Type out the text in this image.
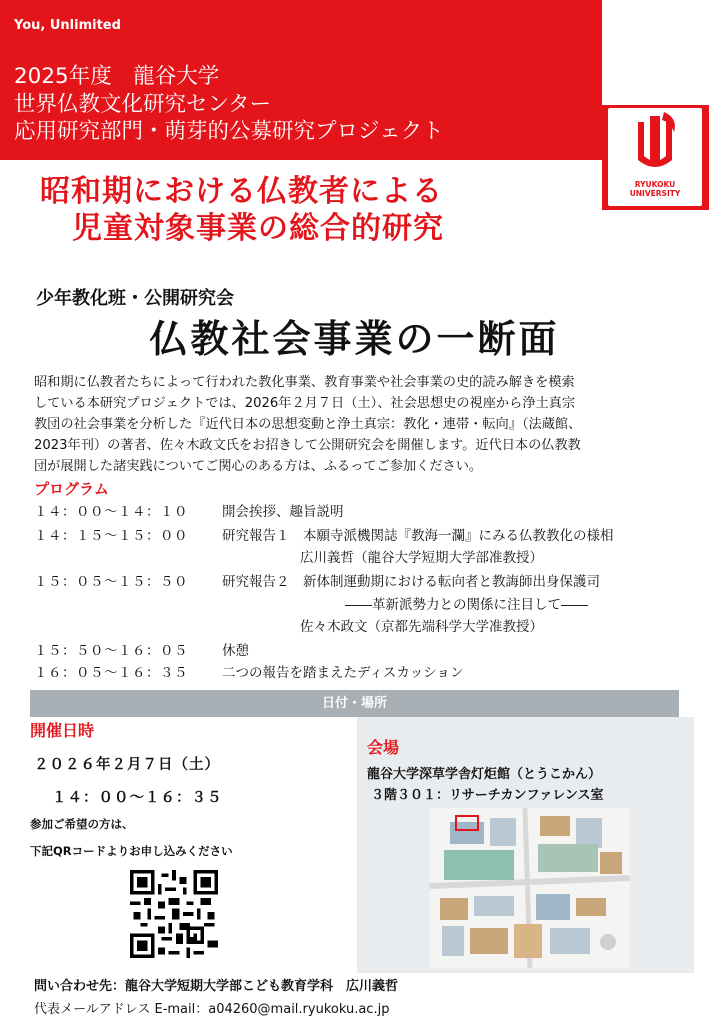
You, Unlimited
2025年度　龍谷大学
世界仏教文化研究センター
応用研究部門・萌芽的公募研究プロジェクト
RYUKOKU
UNIVERSITY
昭和期における仏教者による
児童対象事業の総合的研究
少年教化班・公開研究会
仏教社会事業の一断面
昭和期に仏教者たちによって行われた教化事業、教育事業や社会事業の史的読み解きを模索
している本研究プロジェクトでは、2026年２月７日（土）、社会思想史の視座から浄土真宗
教団の社会事業を分析した『近代日本の思想変動と浄土真宗：教化・連帯・転向』（法蔵館、
2023年刊）の著者、佐々木政文氏をお招きして公開研究会を開催します。近代日本の仏教教
団が展開した諸実践についてご関心のある方は、ふるってご参加ください。
プログラム
１４：００〜１４：１０	開会挨拶、趣旨説明
１４：１５〜１５：００	研究報告１　本願寺派機関誌『教海一瀾』にみる仏教教化の様相
広川義哲（龍谷大学短期大学部准教授）
１５：０５〜１５：５０	研究報告２　新体制運動期における転向者と教誨師出身保護司
――革新派勢力との関係に注目して――
佐々木政文（京都先端科学大学准教授）
１５：５０〜１６：０５	休憩
１６：０５〜１６：３５	二つの報告を踏まえたディスカッション
日付・場所
開催日時
２０２６年２月７日（土）
１４：００〜１６：３５
参加ご希望の方は、
下記QRコードよりお申し込みください
会場
龍谷大学深草学舎灯炬館（とうこかん）
３階３０１：リサーチカンファレンス室
問い合わせ先：龍谷大学短期大学部こども教育学科　広川義哲
代表メールアドレス E-mail：a04260@mail.ryukoku.ac.jp
